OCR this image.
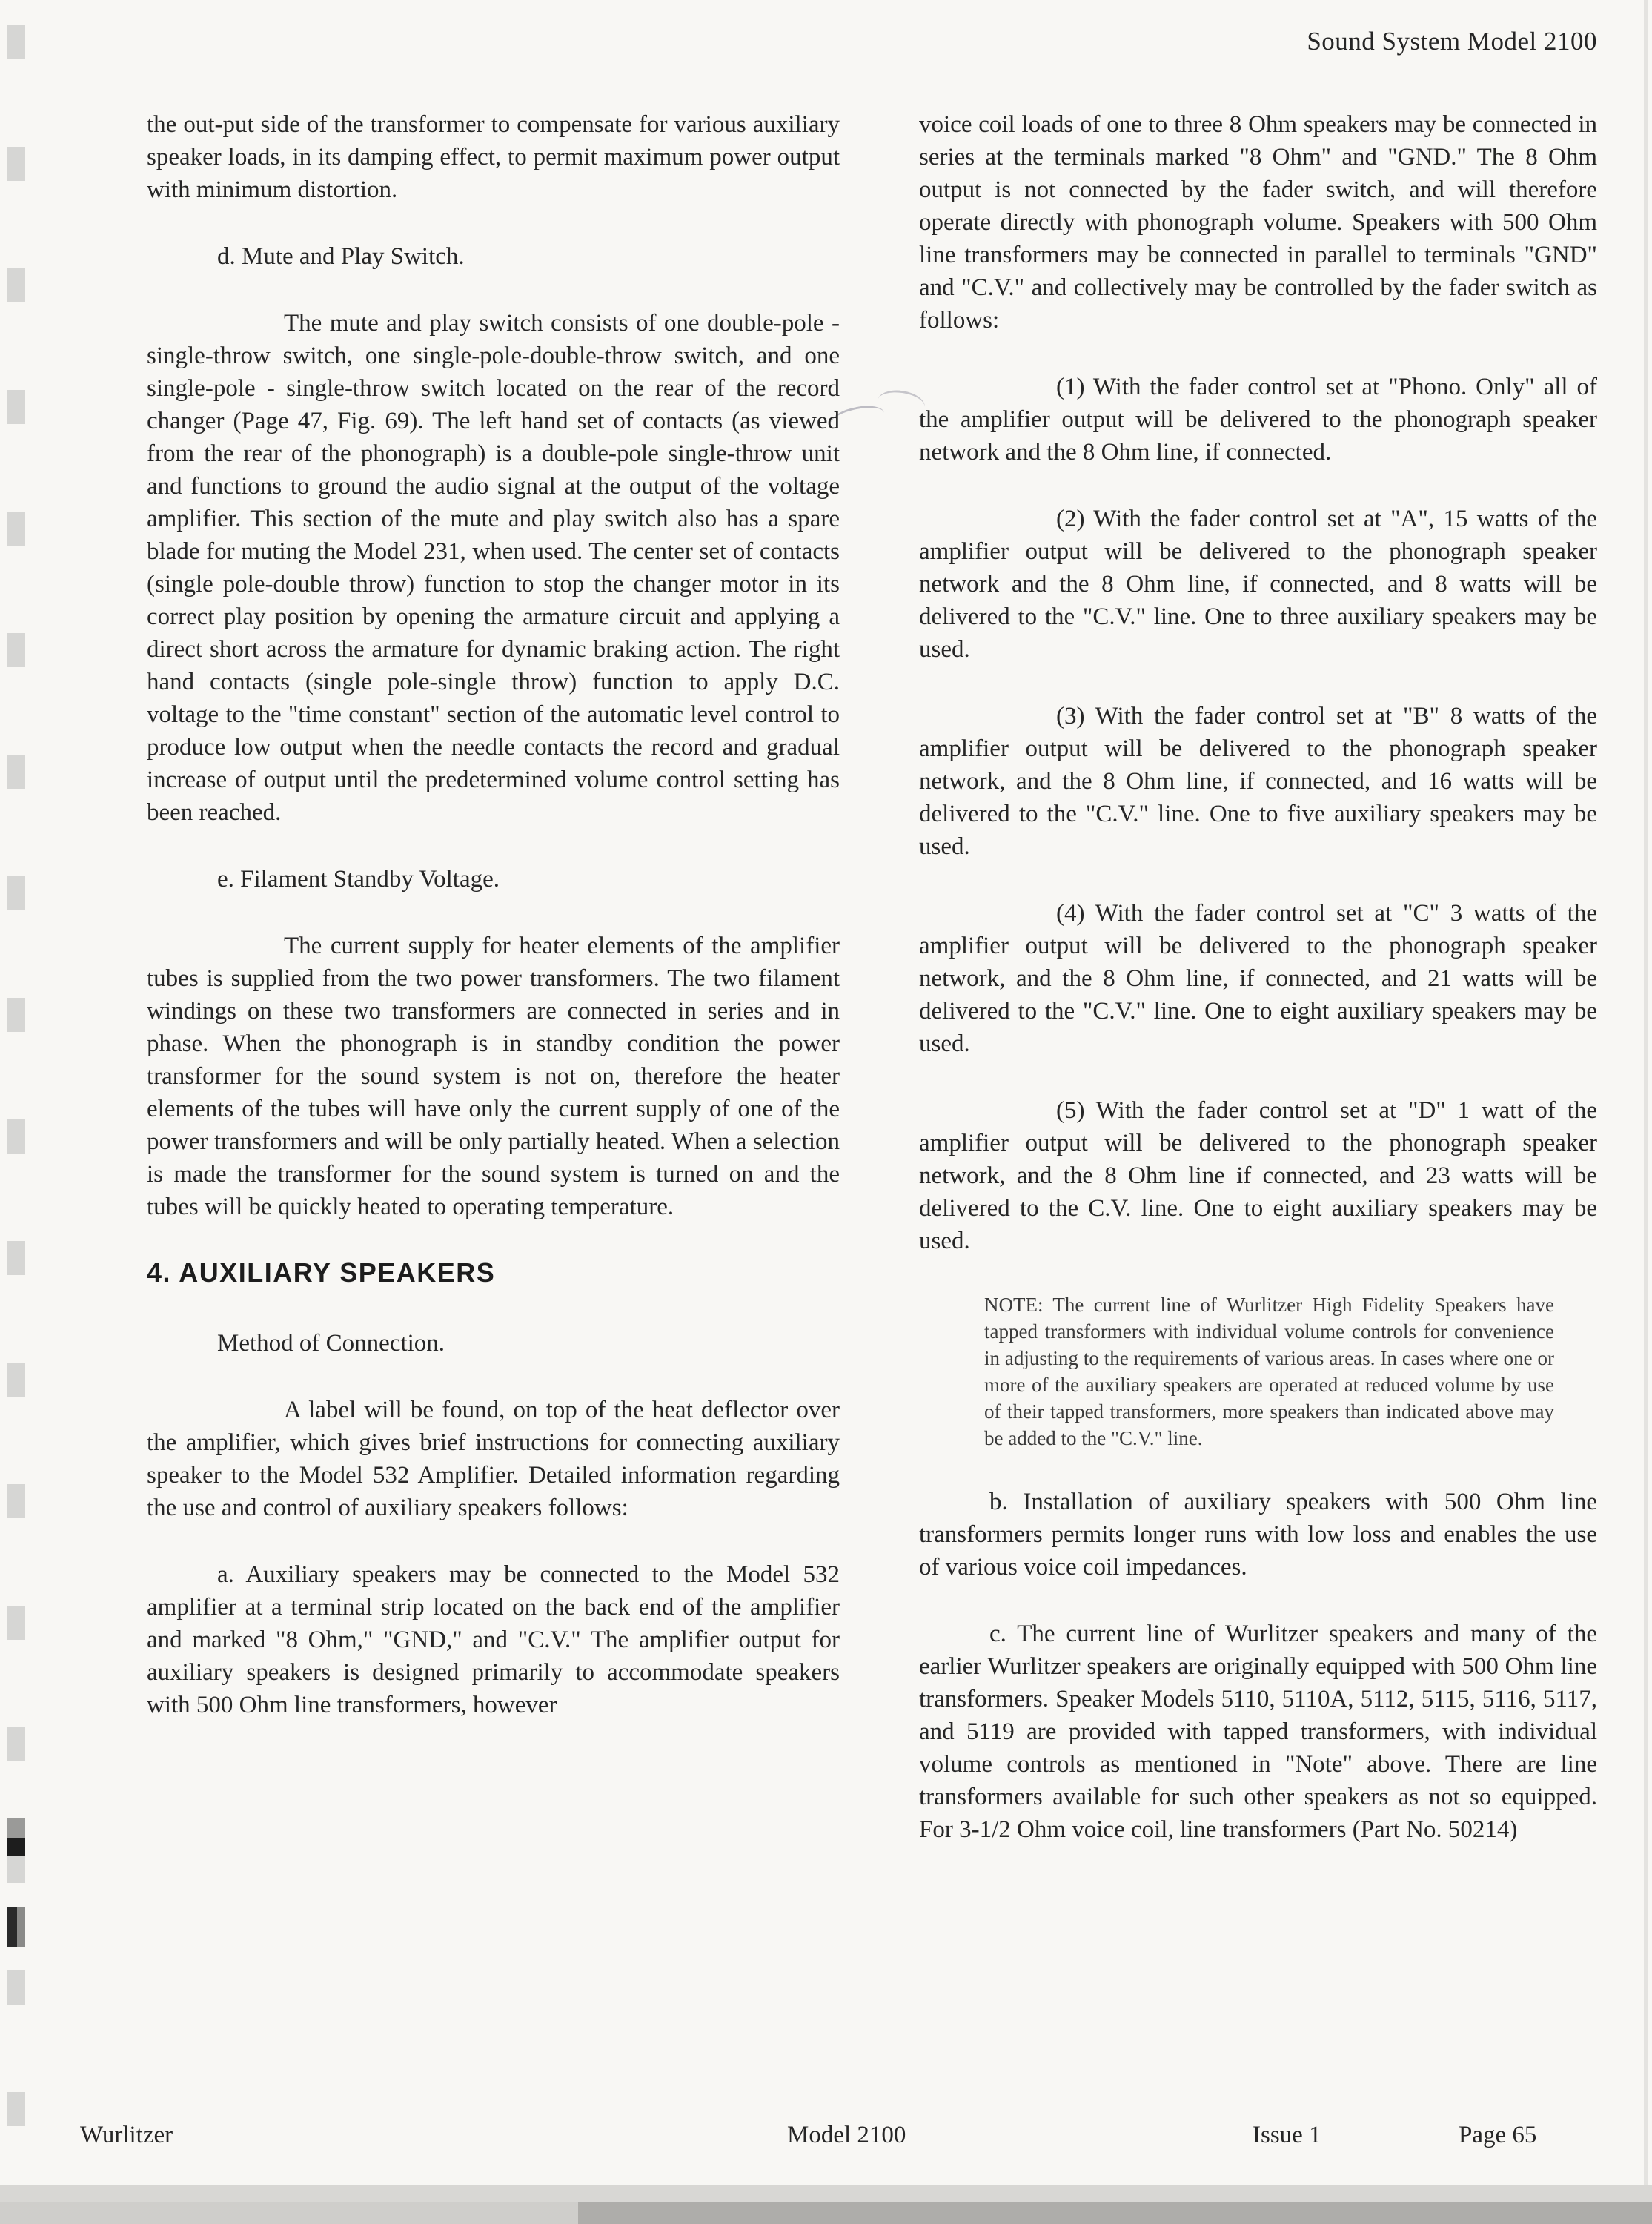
Sound System Model 2100

the out-put side of the transformer to compensate for various auxiliary speaker loads, in its damping effect, to permit maximum power output with minimum distortion.

d. Mute and Play Switch.

The mute and play switch consists of one double-pole - single-throw switch, one single-pole-double-throw switch, and one single-pole - single-throw switch located on the rear of the record changer (Page 47, Fig. 69). The left hand set of contacts (as viewed from the rear of the phonograph) is a double-pole single-throw unit and functions to ground the audio signal at the output of the voltage amplifier. This section of the mute and play switch also has a spare blade for muting the Model 231, when used. The center set of contacts (single pole-double throw) function to stop the changer motor in its correct play position by opening the armature circuit and applying a direct short across the armature for dynamic braking action. The right hand contacts (single pole-single throw) function to apply D.C. voltage to the "time constant" section of the automatic level control to produce low output when the needle contacts the record and gradual increase of output until the predetermined volume control setting has been reached.

e. Filament Standby Voltage.

The current supply for heater elements of the amplifier tubes is supplied from the two power transformers. The two filament windings on these two transformers are connected in series and in phase. When the phonograph is in standby condition the power transformer for the sound system is not on, therefore the heater elements of the tubes will have only the current supply of one of the power transformers and will be only partially heated. When a selection is made the transformer for the sound system is turned on and the tubes will be quickly heated to operating temperature.

4. AUXILIARY SPEAKERS

Method of Connection.

A label will be found, on top of the heat deflector over the amplifier, which gives brief instructions for connecting auxiliary speaker to the Model 532 Amplifier. Detailed information regarding the use and control of auxiliary speakers follows:

a. Auxiliary speakers may be connected to the Model 532 amplifier at a terminal strip located on the back end of the amplifier and marked "8 Ohm," "GND," and "C.V." The amplifier output for auxiliary speakers is designed primarily to accommodate speakers with 500 Ohm line transformers, however

voice coil loads of one to three 8 Ohm speakers may be connected in series at the terminals marked "8 Ohm" and "GND." The 8 Ohm output is not connected by the fader switch, and will therefore operate directly with phonograph volume. Speakers with 500 Ohm line transformers may be connected in parallel to terminals "GND" and "C.V." and collectively may be controlled by the fader switch as follows:

(1) With the fader control set at "Phono. Only" all of the amplifier output will be delivered to the phonograph speaker network and the 8 Ohm line, if connected.

(2) With the fader control set at "A", 15 watts of the amplifier output will be delivered to the phonograph speaker network and the 8 Ohm line, if connected, and 8 watts will be delivered to the "C.V." line. One to three auxiliary speakers may be used.

(3) With the fader control set at "B" 8 watts of the amplifier output will be delivered to the phonograph speaker network, and the 8 Ohm line, if connected, and 16 watts will be delivered to the "C.V." line. One to five auxiliary speakers may be used.

(4) With the fader control set at "C" 3 watts of the amplifier output will be delivered to the phonograph speaker network, and the 8 Ohm line, if connected, and 21 watts will be delivered to the "C.V." line. One to eight auxiliary speakers may be used.

(5) With the fader control set at "D" 1 watt of the amplifier output will be delivered to the phonograph speaker network, and the 8 Ohm line if connected, and 23 watts will be delivered to the C.V. line. One to eight auxiliary speakers may be used.

NOTE: The current line of Wurlitzer High Fidelity Speakers have tapped transformers with individual volume controls for convenience in adjusting to the requirements of various areas. In cases where one or more of the auxiliary speakers are operated at reduced volume by use of their tapped transformers, more speakers than indicated above may be added to the "C.V." line.

b. Installation of auxiliary speakers with 500 Ohm line transformers permits longer runs with low loss and enables the use of various voice coil impedances.

c. The current line of Wurlitzer speakers and many of the earlier Wurlitzer speakers are originally equipped with 500 Ohm line transformers. Speaker Models 5110, 5110A, 5112, 5115, 5116, 5117, and 5119 are provided with tapped transformers, with individual volume controls as mentioned in "Note" above. There are line transformers available for such other speakers as not so equipped. For 3-1/2 Ohm voice coil, line transformers (Part No. 50214)

Wurlitzer	Model 2100	Issue 1	Page 65
